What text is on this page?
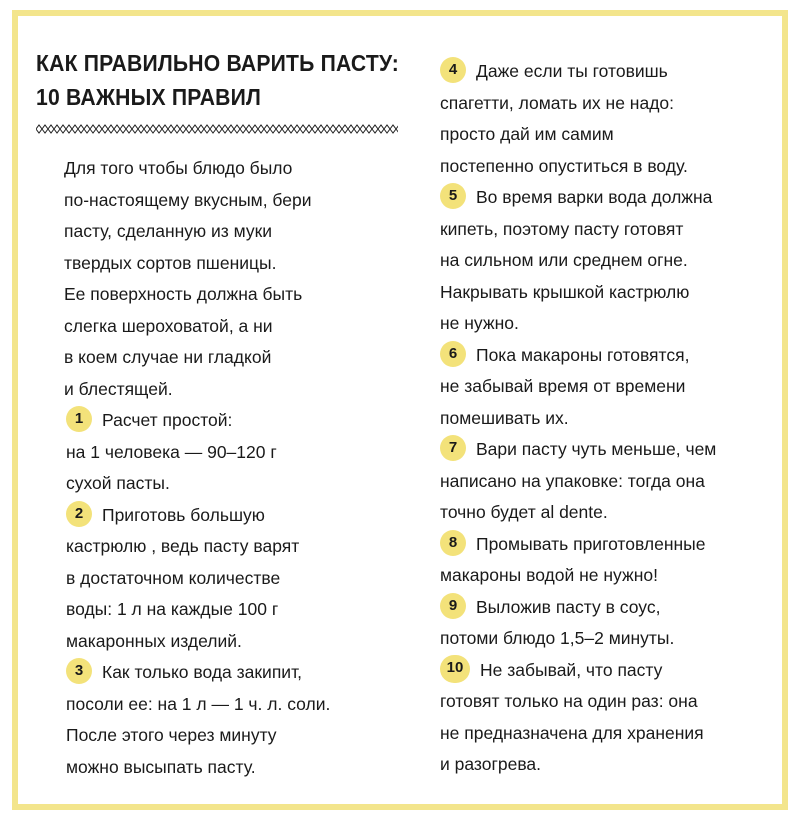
КАК ПРАВИЛЬНО ВАРИТЬ ПАСТУ:
10 ВАЖНЫХ ПРАВИЛ
Для того чтобы блюдо было
по-настоящему вкусным, бери
пасту, сделанную из муки
твердых сортов пшеницы.
Ее поверхность должна быть
слегка шероховатой, а ни
в коем случае ни гладкой
и блестящей.
1 Расчет простой:
на 1 человека — 90–120 г
сухой пасты.
2 Приготовь большую
кастрюлю , ведь пасту варят
в достаточном количестве
воды: 1 л на каждые 100 г
макаронных изделий.
3 Как только вода закипит,
посоли ее: на 1 л — 1 ч. л. соли.
После этого через минуту
можно высыпать пасту.
4 Даже если ты готовишь
спагетти, ломать их не надо:
просто дай им самим
постепенно опуститься в воду.
5 Во время варки вода должна
кипеть, поэтому пасту готовят
на сильном или среднем огне.
Накрывать крышкой кастрюлю
не нужно.
6 Пока макароны готовятся,
не забывай время от времени
помешивать их.
7 Вари пасту чуть меньше, чем
написано на упаковке: тогда она
точно будет al dente.
8 Промывать приготовленные
макароны водой не нужно!
9 Выложив пасту в соус,
потоми блюдо 1,5–2 минуты.
10 Не забывай, что пасту
готовят только на один раз: она
не предназначена для хранения
и разогрева.
